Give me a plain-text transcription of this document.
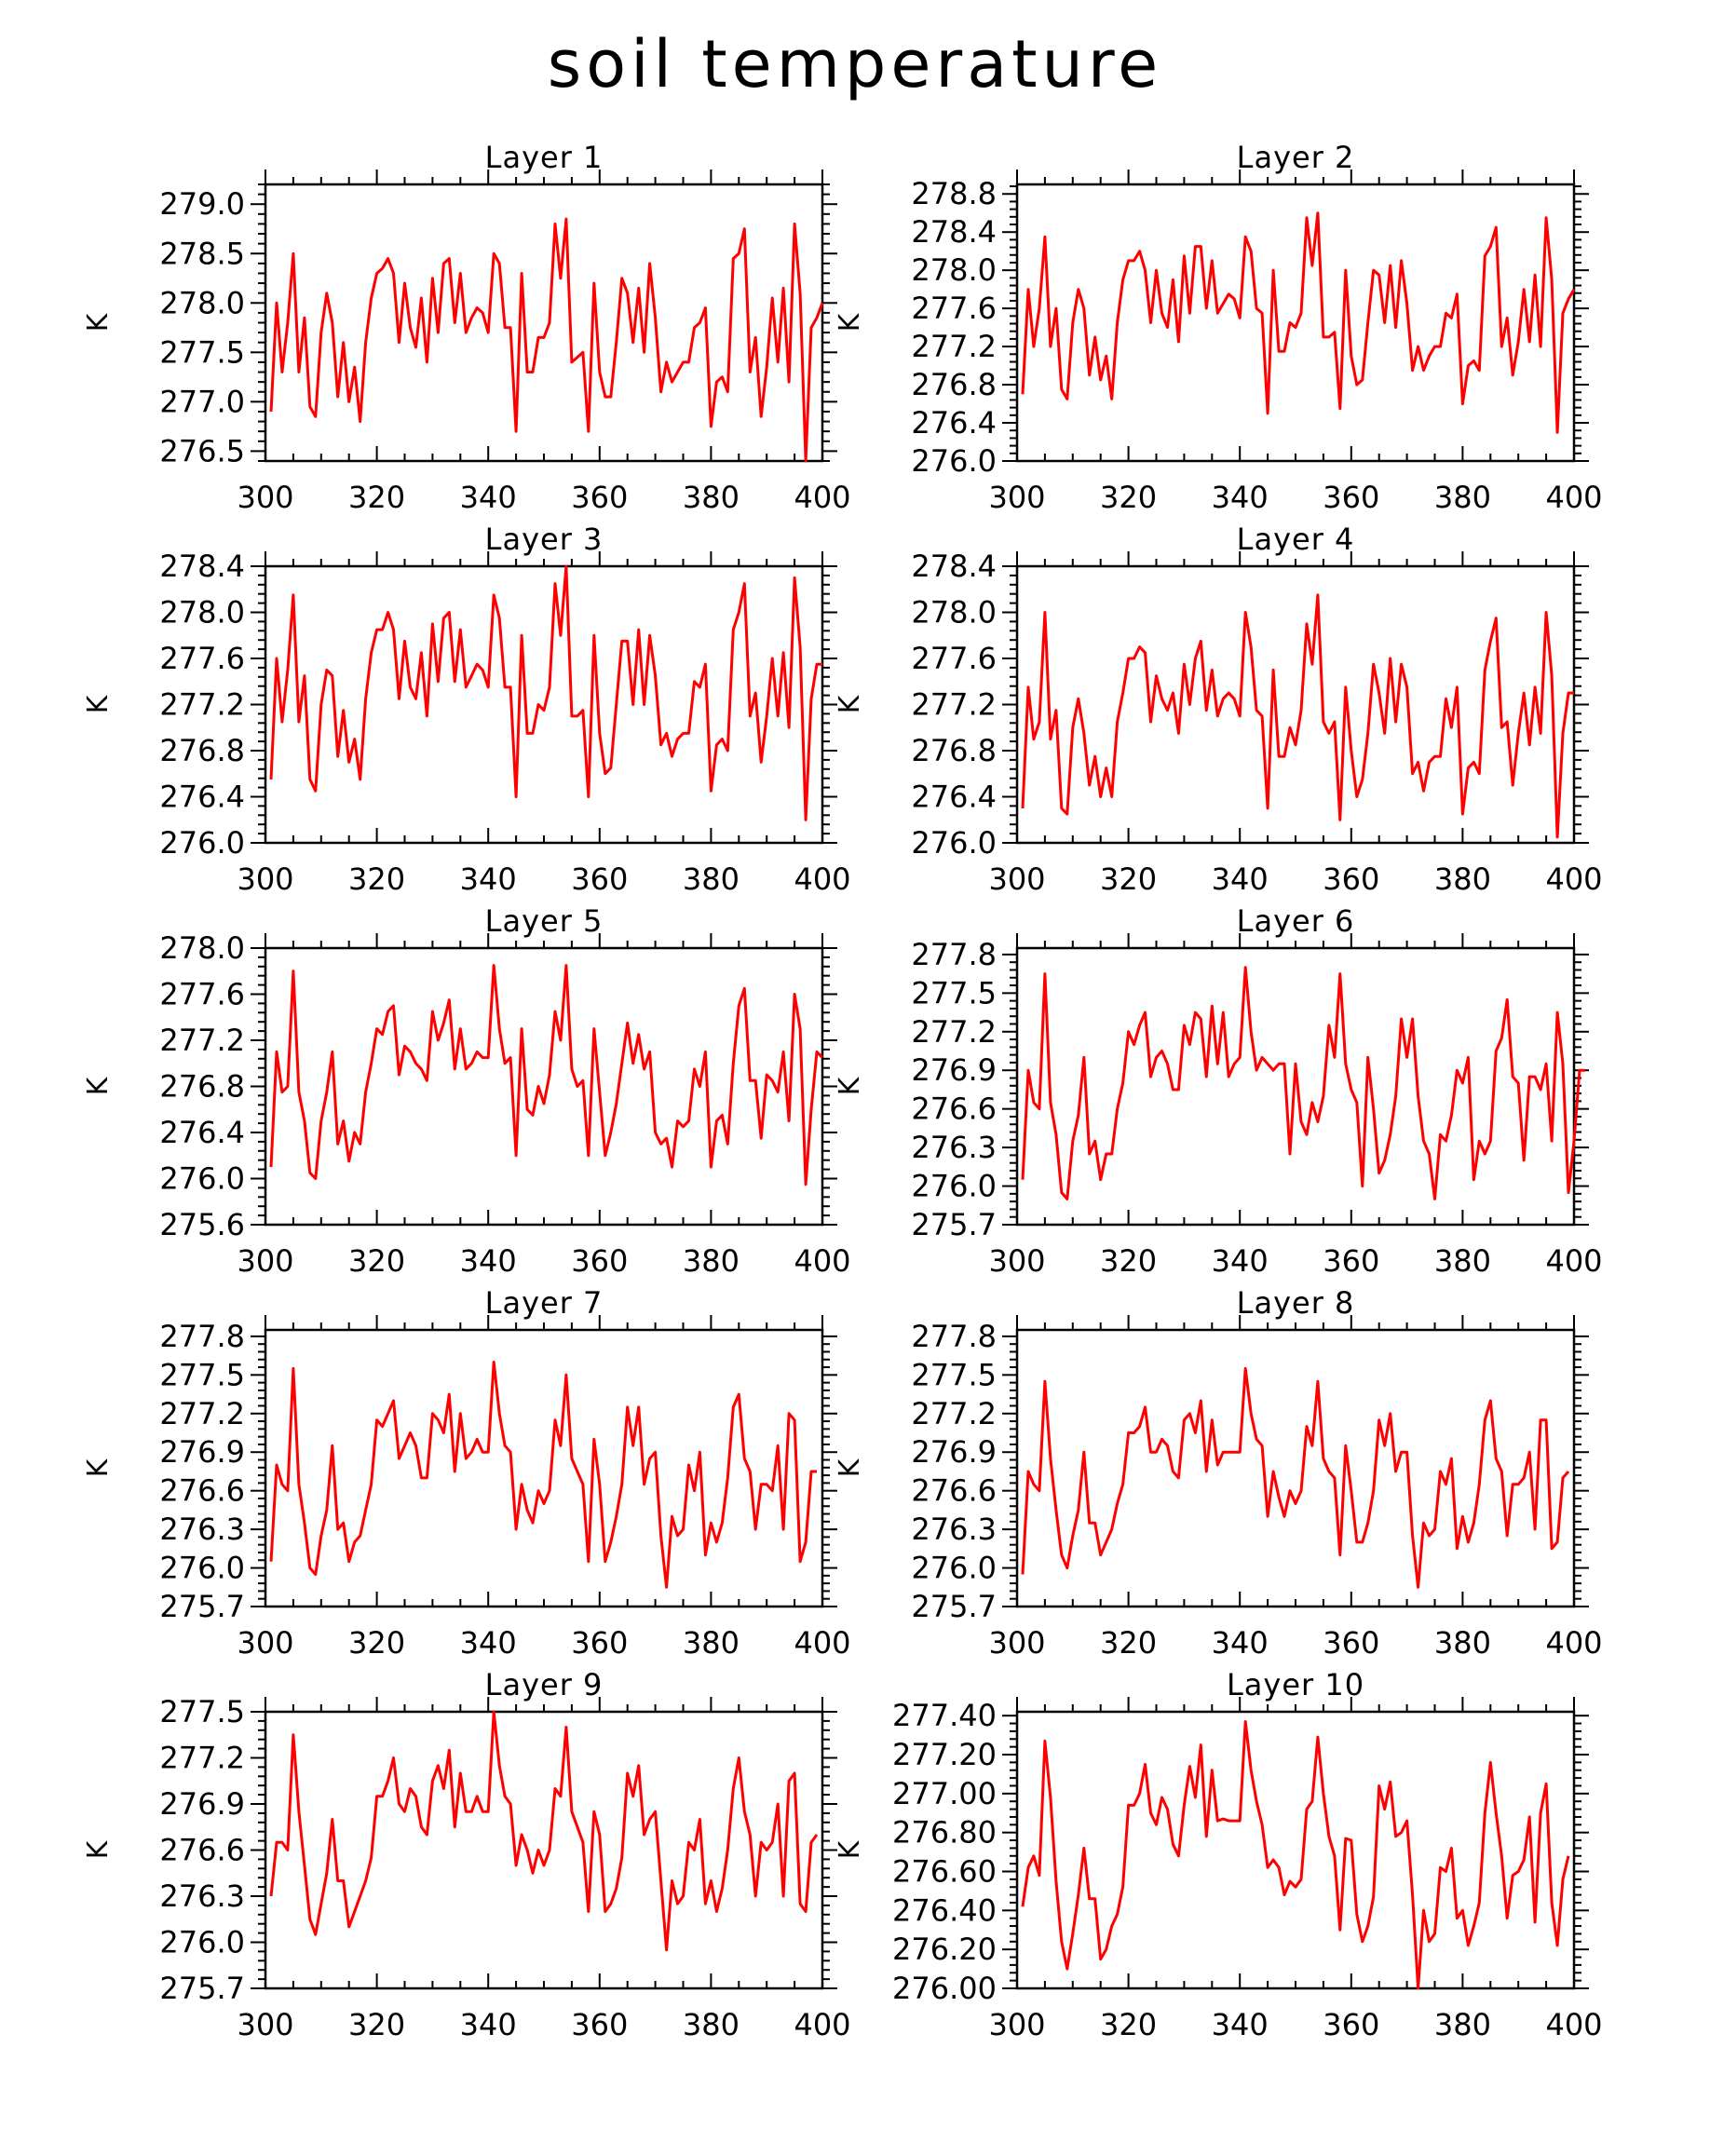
soil temperature
300 320 340 360 380 400
276.5
277.0
277.5
278.0
278.5
279.0
K
Layer 1
300 320 340 360 380 400
276.0
276.4
276.8
277.2
277.6
278.0
278.4
278.8
K
Layer 2
300 320 340 360 380 400
276.0
276.4
276.8
277.2
277.6
278.0
278.4
K
Layer 3
300 320 340 360 380 400
276.0
276.4
276.8
277.2
277.6
278.0
278.4
K
Layer 4
300 320 340 360 380 400
275.6
276.0
276.4
276.8
277.2
277.6
278.0
K
Layer 5
300 320 340 360 380 400
275.7
276.0
276.3
276.6
276.9
277.2
277.5
277.8
K
Layer 6
300 320 340 360 380 400
275.7
276.0
276.3
276.6
276.9
277.2
277.5
277.8
K
Layer 7
300 320 340 360 380 400
275.7
276.0
276.3
276.6
276.9
277.2
277.5
277.8
K
Layer 8
300 320 340 360 380 400
275.7
276.0
276.3
276.6
276.9
277.2
277.5
K
Layer 9
300 320 340 360 380 400
276.00
276.20
276.40
276.60
276.80
277.00
277.20
277.40
K
Layer 10
